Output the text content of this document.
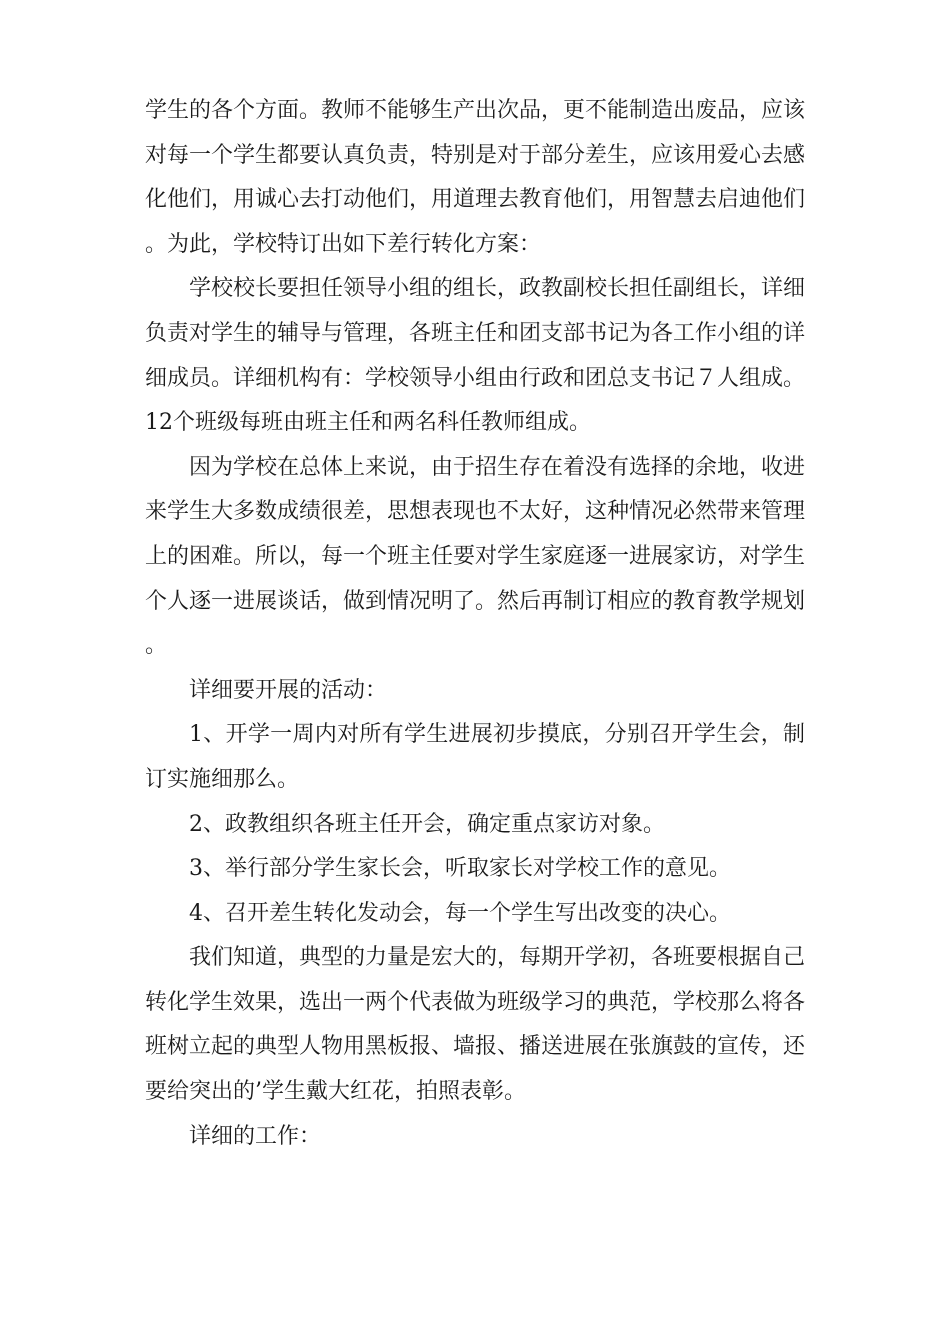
学生的各个方面。教师不能够生产出次品，更不能制造出废品，应该对每一个学生都要认真负责，特别是对于部分差生，应该用爱心去感化他们，用诚心去打动他们，用道理去教育他们，用智慧去启迪他们。为此，学校特订出如下差行转化方案：

学校校长要担任领导小组的组长，政教副校长担任副组长，详细负责对学生的辅导与管理，各班主任和团支部书记为各工作小组的详细成员。详细机构有：学校领导小组由行政和团总支书记７人组成。12个班级每班由班主任和两名科任教师组成。

因为学校在总体上来说，由于招生存在着没有选择的余地，收进来学生大多数成绩很差，思想表现也不太好，这种情况必然带来管理上的困难。所以，每一个班主任要对学生家庭逐一进展家访，对学生个人逐一进展谈话，做到情况明了。然后再制订相应的教育教学规划。

详细要开展的活动：

1、开学一周内对所有学生进展初步摸底，分别召开学生会，制订实施细那么。

2、政教组织各班主任开会，确定重点家访对象。

3、举行部分学生家长会，听取家长对学校工作的意见。

4、召开差生转化发动会，每一个学生写出改变的决心。

我们知道，典型的力量是宏大的，每期开学初，各班要根据自己转化学生效果，选出一两个代表做为班级学习的典范，学校那么将各班树立起的典型人物用黑板报、墙报、播送进展在张旗鼓的宣传，还要给突出的’学生戴大红花，拍照表彰。

详细的工作：
